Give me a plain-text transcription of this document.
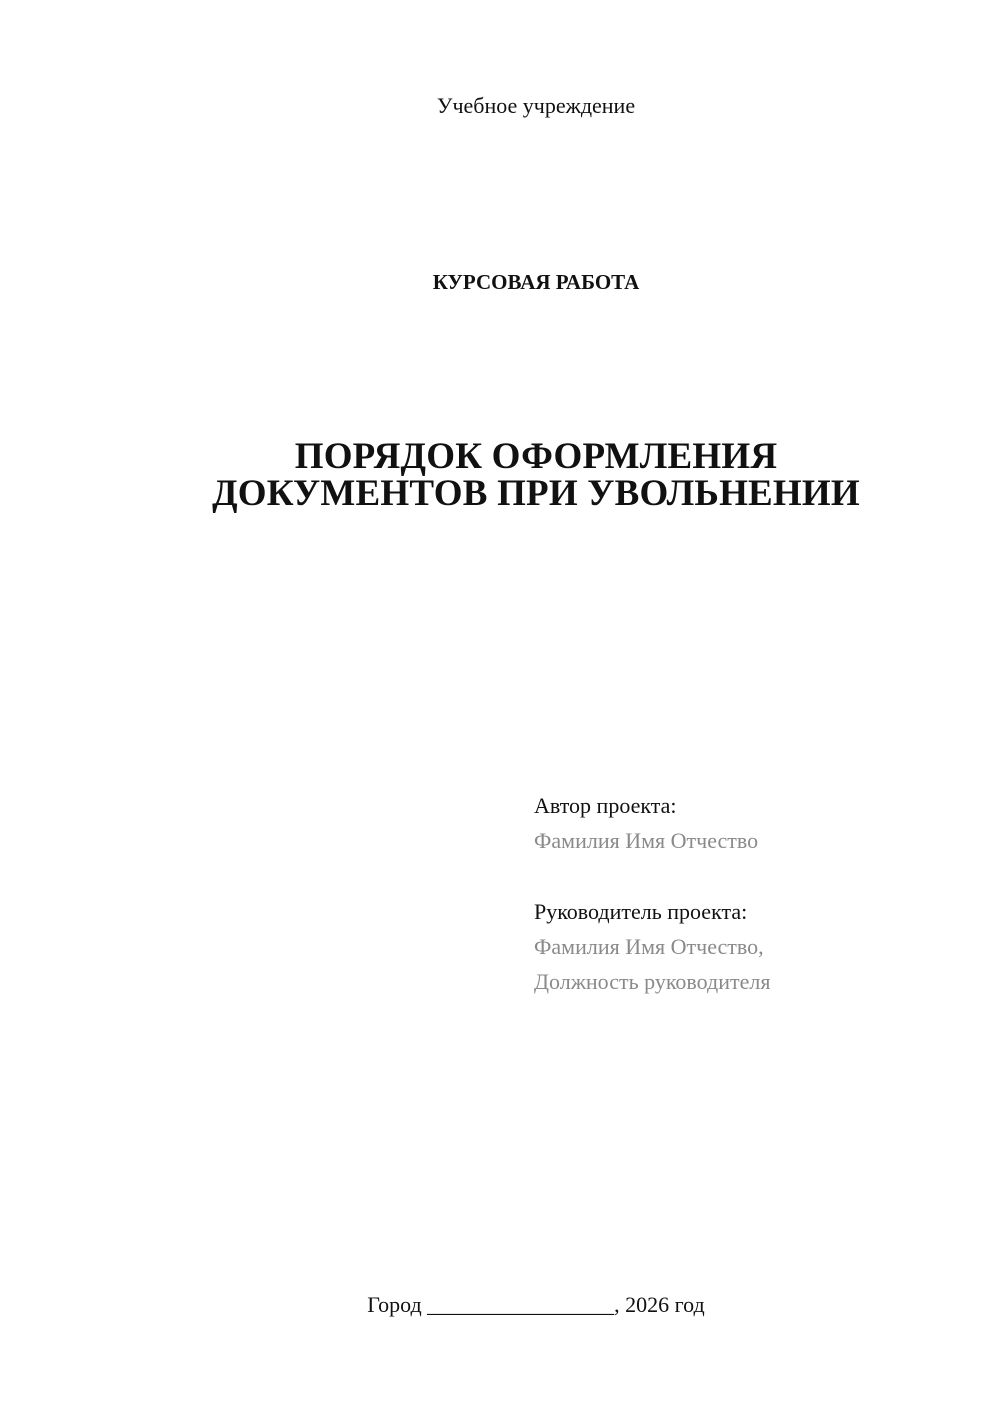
Учебное учреждение
КУРСОВАЯ РАБОТА
ПОРЯДОК ОФОРМЛЕНИЯ
ДОКУМЕНТОВ ПРИ УВОЛЬНЕНИИ
Автор проекта:
Фамилия Имя Отчество
Руководитель проекта:
Фамилия Имя Отчество,
Должность руководителя
Город _________________, 2026 год
